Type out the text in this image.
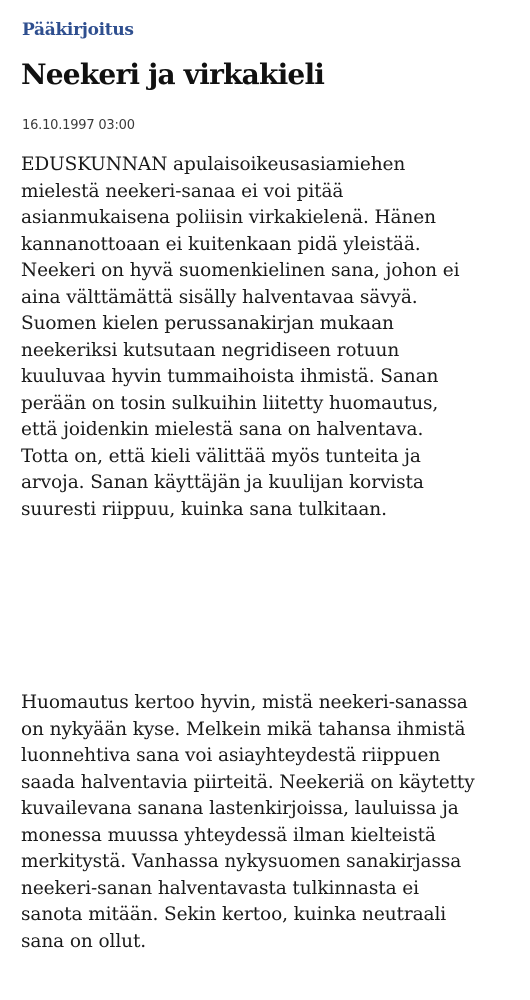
Pääkirjoitus
Neekeri ja virkakieli
16.10.1997 03:00

EDUSKUNNAN apulaisoikeusasiamiehen
mielestä neekeri-sanaa ei voi pitää
asianmukaisena poliisin virkakielenä. Hänen
kannanottoaan ei kuitenkaan pidä yleistää.
Neekeri on hyvä suomenkielinen sana, johon ei
aina välttämättä sisälly halventavaa sävyä.
Suomen kielen perussanakirjan mukaan
neekeriksi kutsutaan negridiseen rotuun
kuuluvaa hyvin tummaihoista ihmistä. Sanan
perään on tosin sulkuihin liitetty huomautus,
että joidenkin mielestä sana on halventava.
Totta on, että kieli välittää myös tunteita ja
arvoja. Sanan käyttäjän ja kuulijan korvista
suuresti riippuu, kuinka sana tulkitaan.

Huomautus kertoo hyvin, mistä neekeri-sanassa
on nykyään kyse. Melkein mikä tahansa ihmistä
luonnehtiva sana voi asiayhteydestä riippuen
saada halventavia piirteitä. Neekeriä on käytetty
kuvailevana sanana lastenkirjoissa, lauluissa ja
monessa muussa yhteydessä ilman kielteistä
merkitystä. Vanhassa nykysuomen sanakirjassa
neekeri-sanan halventavasta tulkinnasta ei
sanota mitään. Sekin kertoo, kuinka neutraali
sana on ollut.
